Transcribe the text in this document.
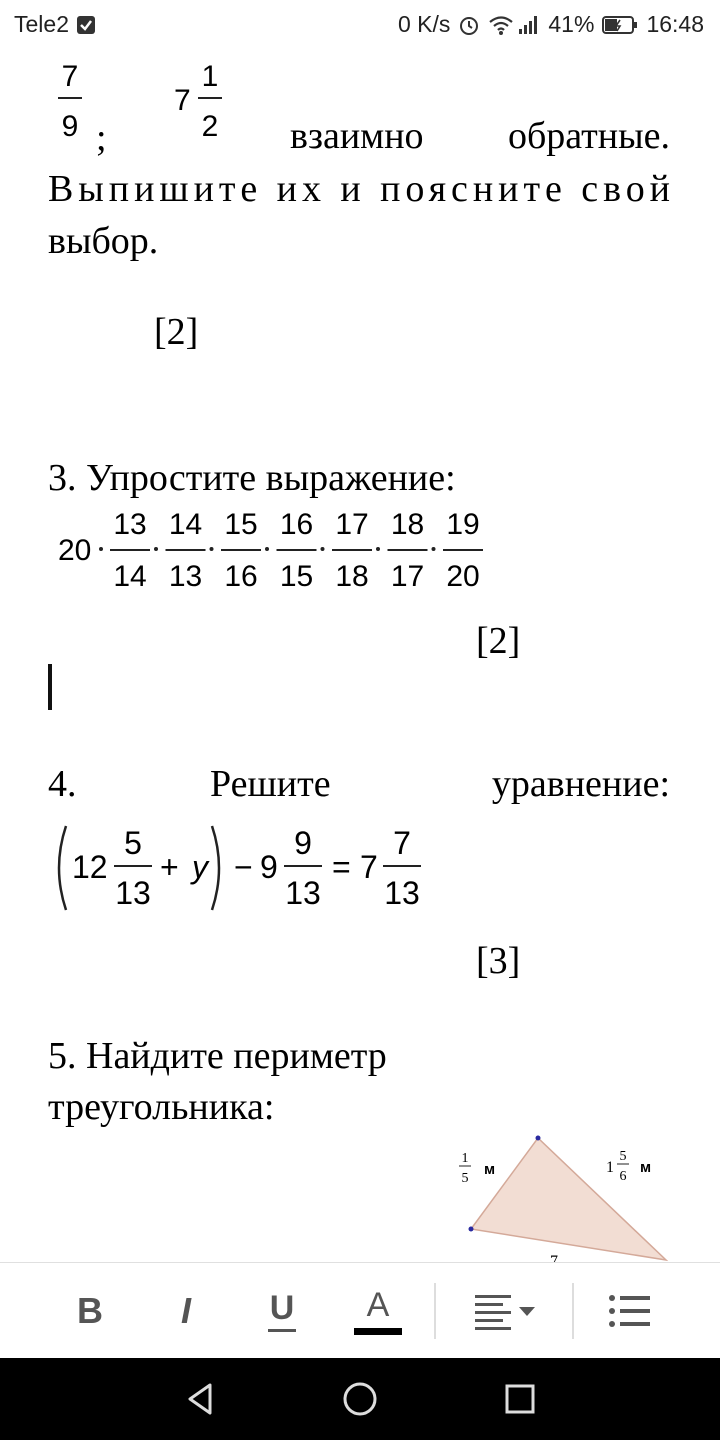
Tele2	0 K/s	41% 16:48
7
9 ;
7
1
2 взаимно обратные.
Выпишите их и поясните свой
выбор.
[2]
3. Упростите выражение:
20
13
14
14
13
15
16
16
15
17
18
18
17
19
20
[2]
4.	Решите	уравнение:
12
5
13
+ y − 9
9
13
= 7
7
13
[3]
5. Найдите периметр
треугольника:
1
5
м	1
5
6
м
B I U A
